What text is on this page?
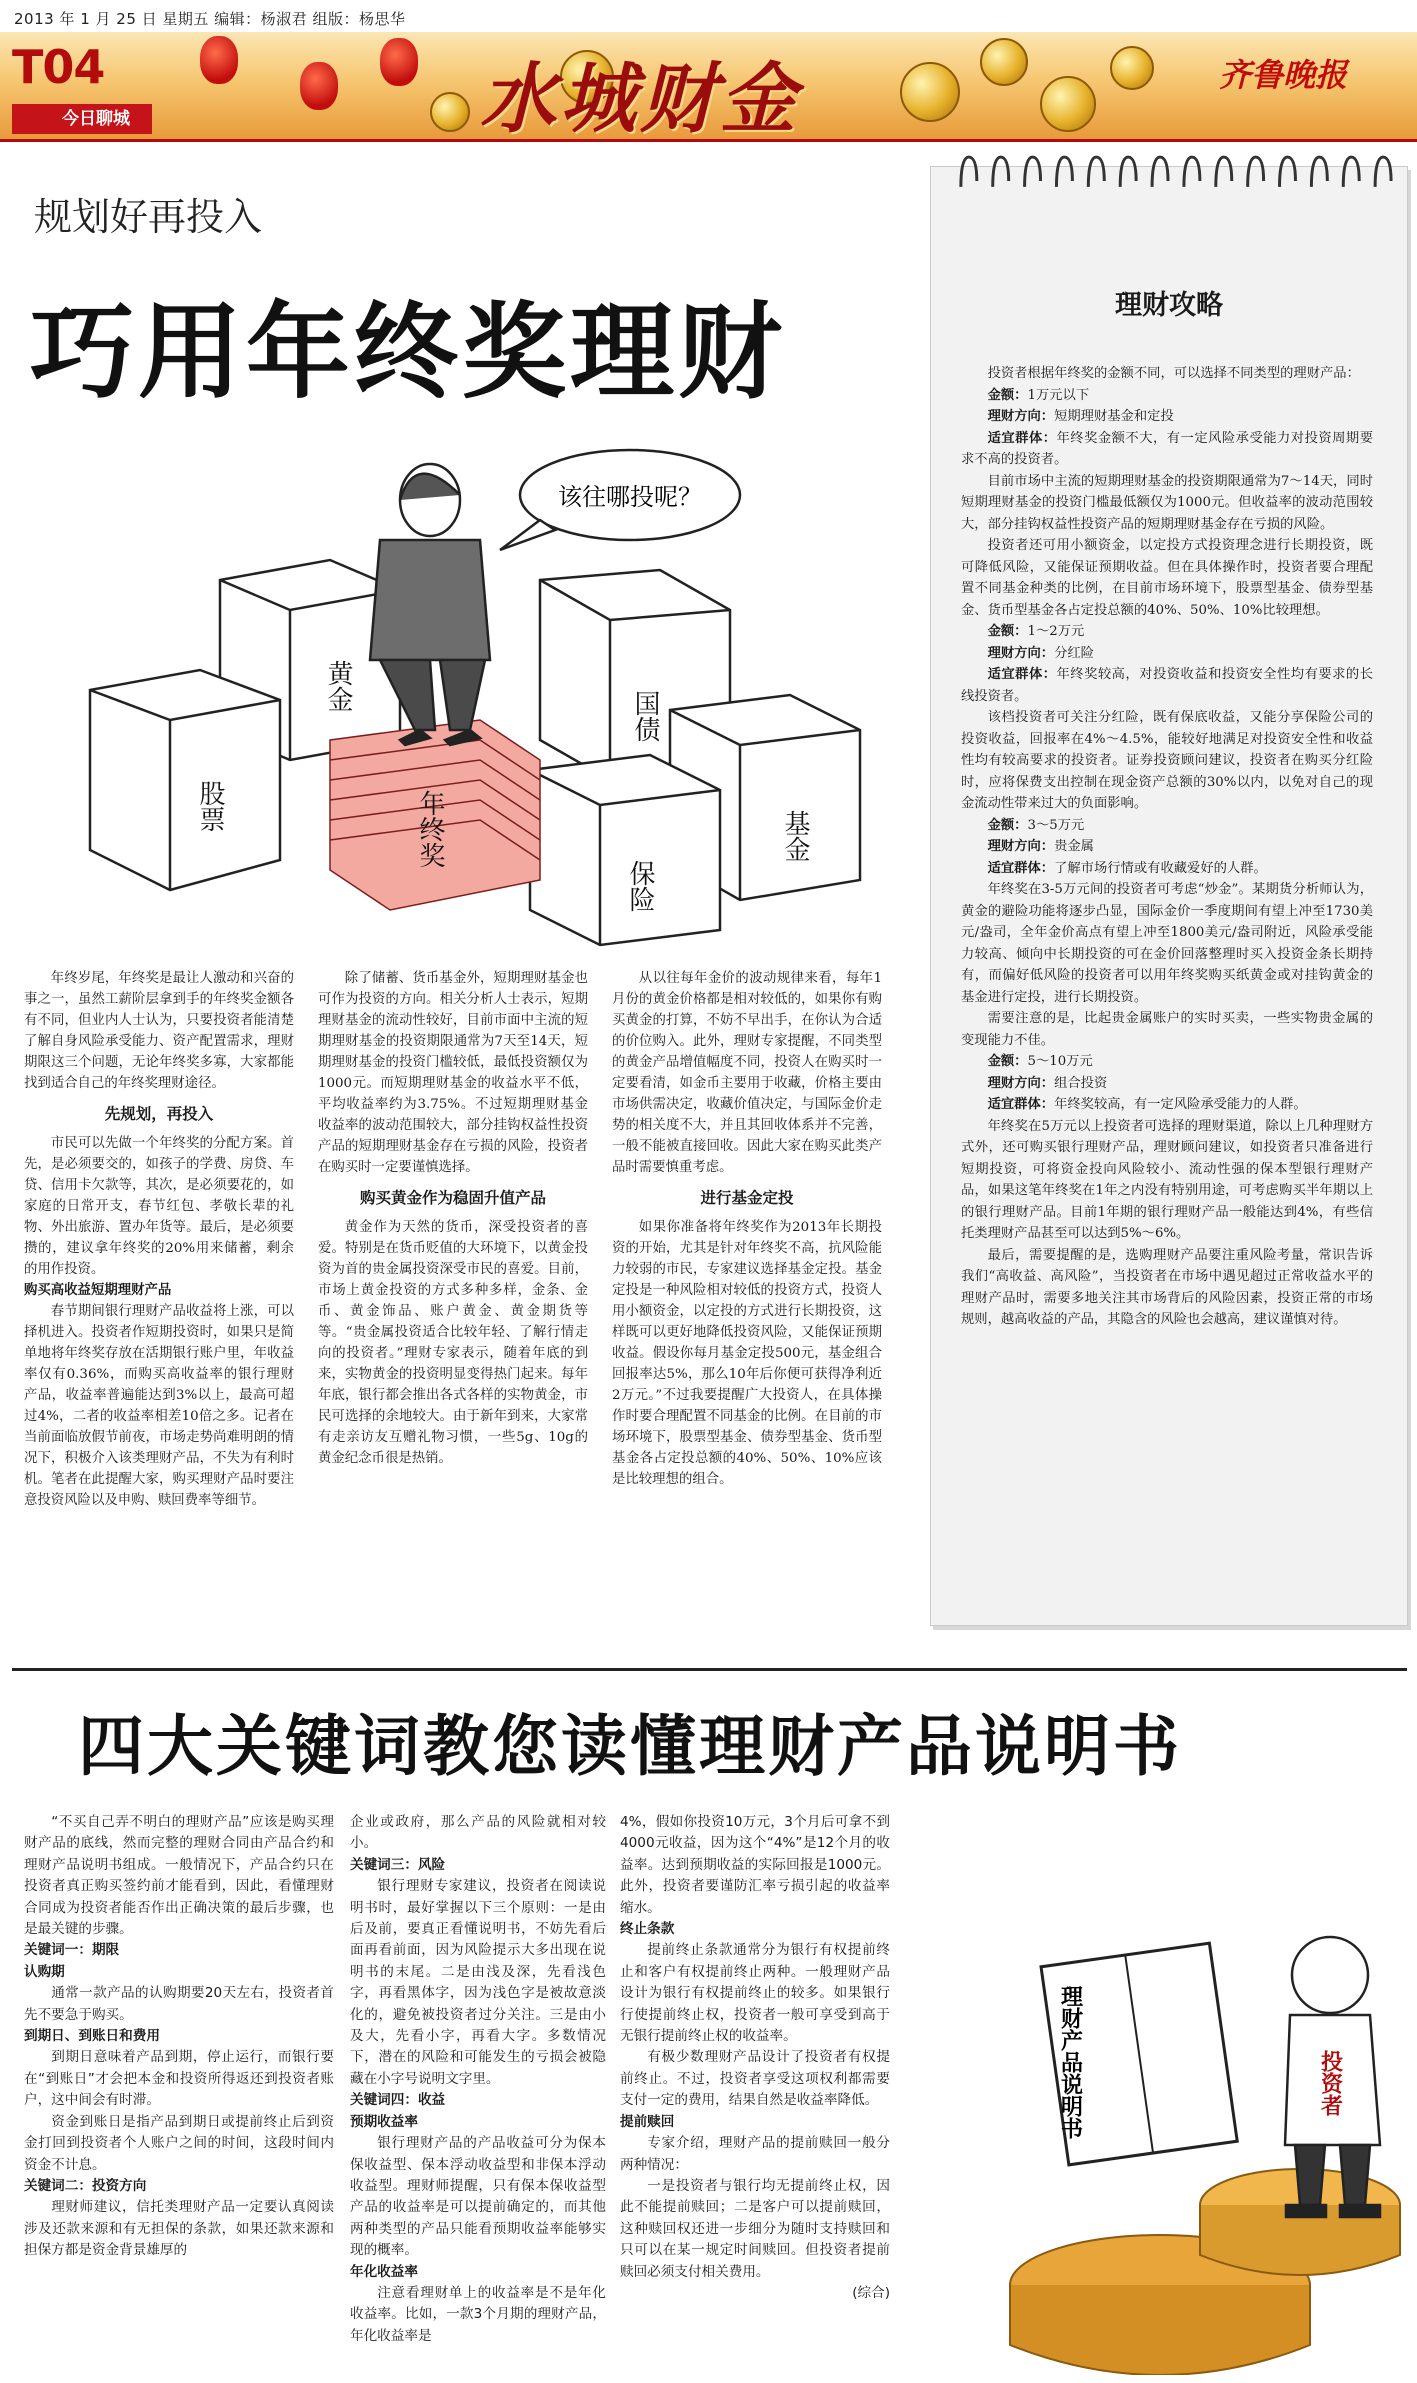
2013 年 1 月 25 日 星期五 编辑：杨淑君 组版：杨思华
T04
今日聊城	水城财金	齐鲁晚报
规划好再投入
巧用年终奖理财
该往哪投呢？
黄金
国债
股票
基金
年终奖
保险

年终岁尾，年终奖是最让人激动和兴奋的事之一，虽然工薪阶层拿到手的年终奖金额各有不同，但业内人士认为，只要投资者能清楚了解自身风险承受能力、资产配置需求，理财期限这三个问题，无论年终奖多寡，大家都能找到适合自己的年终奖理财途径。

先规划，再投入

市民可以先做一个年终奖的分配方案。首先，是必须要交的，如孩子的学费、房贷、车贷、信用卡欠款等，其次，是必须要花的，如家庭的日常开支，春节红包、孝敬长辈的礼物、外出旅游、置办年货等。最后，是必须要攒的，建议拿年终奖的20%用来储蓄，剩余的用作投资。

购买高收益短期理财产品

春节期间银行理财产品收益将上涨，可以择机进入。投资者作短期投资时，如果只是简单地将年终奖存放在活期银行账户里，年收益率仅有0.36%，而购买高收益率的银行理财产品，收益率普遍能达到3%以上，最高可超过4%，二者的收益率相差10倍之多。记者在当前面临放假节前夜，市场走势尚难明朗的情况下，积极介入该类理财产品，不失为有利时机。笔者在此提醒大家，购买理财产品时要注意投资风险以及申购、赎回费率等细节。

除了储蓄、货币基金外，短期理财基金也可作为投资的方向。相关分析人士表示，短期理财基金的流动性较好，目前市面中主流的短期理财基金的投资期限通常为7天至14天，短期理财基金的投资门槛较低，最低投资额仅为1000元。而短期理财基金的收益水平不低，平均收益率约为3.75%。不过短期理财基金收益率的波动范围较大，部分挂钩权益性投资产品的短期理财基金存在亏损的风险，投资者在购买时一定要谨慎选择。

购买黄金作为稳固升值产品

黄金作为天然的货币，深受投资者的喜爱。特别是在货币贬值的大环境下，以黄金投资为首的贵金属投资深受市民的喜爱。目前，市场上黄金投资的方式多种多样，金条、金币、黄金饰品、账户黄金、黄金期货等等。“贵金属投资适合比较年轻、了解行情走向的投资者。”理财专家表示，随着年底的到来，实物黄金的投资明显变得热门起来。每年年底，银行都会推出各式各样的实物黄金，市民可选择的余地较大。由于新年到来，大家常有走亲访友互赠礼物习惯，一些5g、10g的黄金纪念币很是热销。

从以往每年金价的波动规律来看，每年1月份的黄金价格都是相对较低的，如果你有购买黄金的打算，不妨不早出手，在你认为合适的价位购入。此外，理财专家提醒，不同类型的黄金产品增值幅度不同，投资人在购买时一定要看清，如金币主要用于收藏，价格主要由市场供需决定，收藏价值决定，与国际金价走势的相关度不大，并且其回收体系并不完善，一般不能被直接回收。因此大家在购买此类产品时需要慎重考虑。

进行基金定投

如果你准备将年终奖作为2013年长期投资的开始，尤其是针对年终奖不高，抗风险能力较弱的市民，专家建议选择基金定投。基金定投是一种风险相对较低的投资方式，投资人用小额资金，以定投的方式进行长期投资，这样既可以更好地降低投资风险，又能保证预期收益。假设你每月基金定投500元，基金组合回报率达5%，那么10年后你便可获得净利近2万元。”不过我要提醒广大投资人，在具体操作时要合理配置不同基金的比例。在目前的市场环境下，股票型基金、债券型基金、货币型基金各占定投总额的40%、50%、10%应该是比较理想的组合。

理财攻略

投资者根据年终奖的金额不同，可以选择不同类型的理财产品：

金额：1万元以下
理财方向：短期理财基金和定投
适宜群体：年终奖金额不大，有一定风险承受能力对投资周期要求不高的投资者。

目前市场中主流的短期理财基金的投资期限通常为7～14天，同时短期理财基金的投资门槛最低额仅为1000元。但收益率的波动范围较大，部分挂钩权益性投资产品的短期理财基金存在亏损的风险。

投资者还可用小额资金，以定投方式投资理念进行长期投资，既可降低风险，又能保证预期收益。但在具体操作时，投资者要合理配置不同基金种类的比例，在目前市场环境下，股票型基金、债券型基金、货币型基金各占定投总额的40%、50%、10%比较理想。

金额：1～2万元
理财方向：分红险
适宜群体：年终奖较高，对投资收益和投资安全性均有要求的长线投资者。

该档投资者可关注分红险，既有保底收益，又能分享保险公司的投资收益，回报率在4%～4.5%，能较好地满足对投资安全性和收益性均有较高要求的投资者。证券投资顾问建议，投资者在购买分红险时，应将保费支出控制在现金资产总额的30%以内，以免对自己的现金流动性带来过大的负面影响。

金额：3～5万元
理财方向：贵金属
适宜群体：了解市场行情或有收藏爱好的人群。

年终奖在3-5万元间的投资者可考虑“炒金”。某期货分析师认为，黄金的避险功能将逐步凸显，国际金价一季度期间有望上冲至1730美元/盎司，全年金价高点有望上冲至1800美元/盎司附近，风险承受能力较高、倾向中长期投资的可在金价回落整理时买入投资金条长期持有，而偏好低风险的投资者可以用年终奖购买纸黄金或对挂钩黄金的基金进行定投，进行长期投资。

需要注意的是，比起贵金属账户的实时买卖，一些实物贵金属的变现能力不佳。

金额：5～10万元
理财方向：组合投资
适宜群体：年终奖较高，有一定风险承受能力的人群。

年终奖在5万元以上投资者可选择的理财渠道，除以上几种理财方式外，还可购买银行理财产品，理财顾问建议，如投资者只准备进行短期投资，可将资金投向风险较小、流动性强的保本型银行理财产品，如果这笔年终奖在1年之内没有特别用途，可考虑购买半年期以上的银行理财产品。目前1年期的银行理财产品一般能达到4%，有些信托类理财产品甚至可以达到5%～6%。

最后，需要提醒的是，选购理财产品要注重风险考量，常识告诉我们“高收益、高风险”，当投资者在市场中遇见超过正常收益水平的理财产品时，需要多地关注其市场背后的风险因素，投资正常的市场规则，越高收益的产品，其隐含的风险也会越高，建议谨慎对待。

四大关键词教您读懂理财产品说明书

“不买自己弄不明白的理财产品”应该是购买理财产品的底线，然而完整的理财合同由产品合约和理财产品说明书组成。一般情况下，产品合约只在投资者真正购买签约前才能看到，因此，看懂理财合同成为投资者能否作出正确决策的最后步骤，也是最关键的步骤。

关键词一：期限
认购期

通常一款产品的认购期要20天左右，投资者首先不要急于购买。

到期日、到账日和费用

到期日意味着产品到期，停止运行，而银行要在“到账日”才会把本金和投资所得返还到投资者账户，这中间会有时滞。

资金到账日是指产品到期日或提前终止后到资金打回到投资者个人账户之间的时间，这段时间内资金不计息。

关键词二：投资方向

理财师建议，信托类理财产品一定要认真阅读涉及还款来源和有无担保的条款，如果还款来源和担保方都是资金背景雄厚的

企业或政府，那么产品的风险就相对较小。

关键词三：风险

银行理财专家建议，投资者在阅读说明书时，最好掌握以下三个原则：一是由后及前，要真正看懂说明书，不妨先看后面再看前面，因为风险提示大多出现在说明书的末尾。二是由浅及深，先看浅色字，再看黑体字，因为浅色字是被故意淡化的，避免被投资者过分关注。三是由小及大，先看小字，再看大字。多数情况下，潜在的风险和可能发生的亏损会被隐藏在小字号说明文字里。

关键词四：收益
预期收益率

银行理财产品的产品收益可分为保本保收益型、保本浮动收益型和非保本浮动收益型。理财师提醒，只有保本保收益型产品的收益率是可以提前确定的，而其他两种类型的产品只能看预期收益率能够实现的概率。

年化收益率

注意看理财单上的收益率是不是年化收益率。比如，一款3个月期的理财产品，年化收益率是

4%，假如你投资10万元，3个月后可拿不到4000元收益，因为这个“4%”是12个月的收益率。达到预期收益的实际回报是1000元。此外，投资者要谨防汇率亏损引起的收益率缩水。

终止条款

提前终止条款通常分为银行有权提前终止和客户有权提前终止两种。一般理财产品设计为银行有权提前终止的较多。如果银行行使提前终止权，投资者一般可享受到高于无银行提前终止权的收益率。

有极少数理财产品设计了投资者有权提前终止。不过，投资者享受这项权利都需要支付一定的费用，结果自然是收益率降低。

提前赎回

专家介绍，理财产品的提前赎回一般分两种情况：

一是投资者与银行均无提前终止权，因此不能提前赎回；二是客户可以提前赎回，这种赎回权还进一步细分为随时支持赎回和只可以在某一规定时间赎回。但投资者提前赎回必须支付相关费用。

(综合)

理财产品说明书	投资者
